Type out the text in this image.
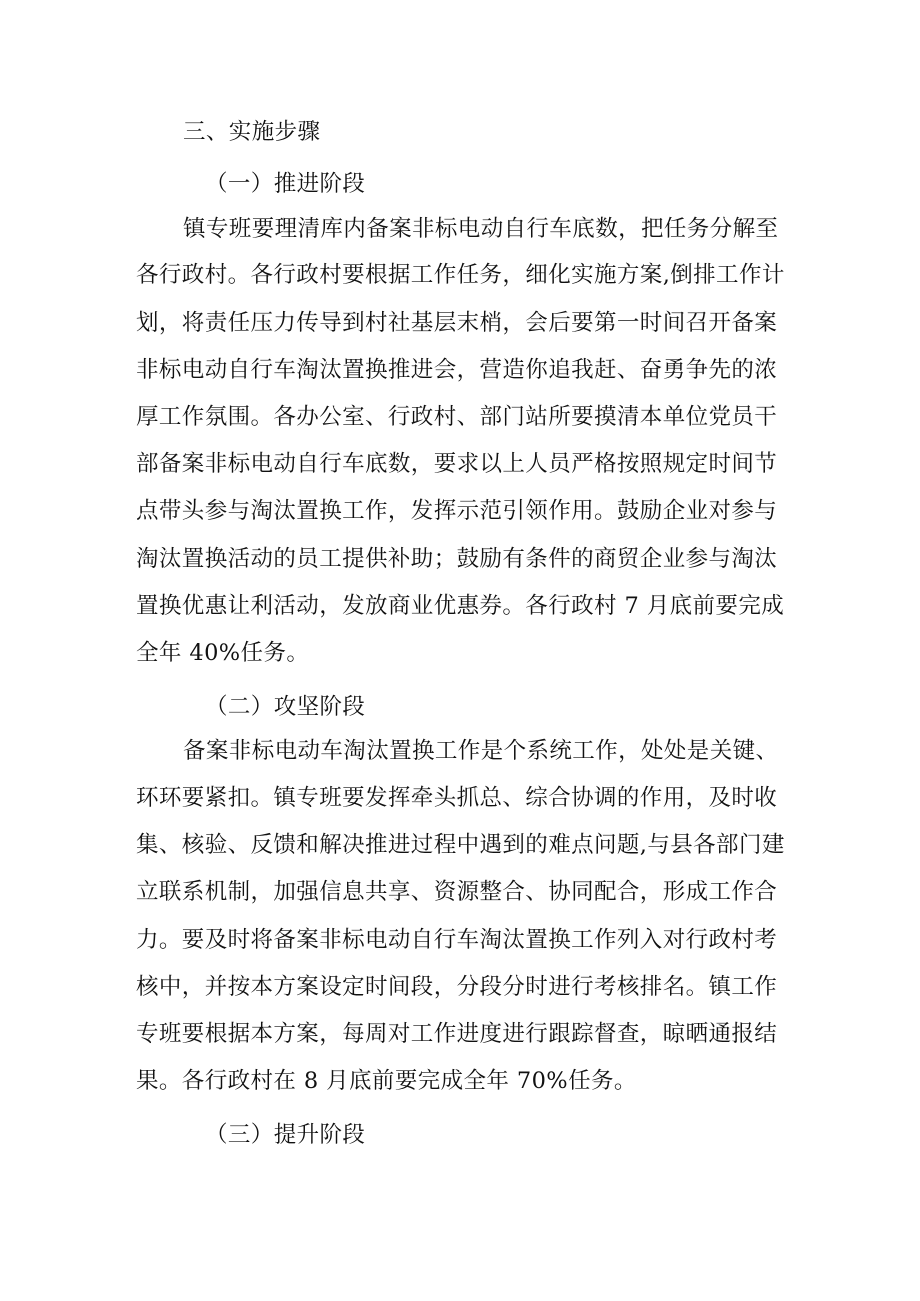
三、实施步骤
（一）推进阶段
镇专班要理清库内备案非标电动自行车底数，把任务分解至
各行政村。各行政村要根据工作任务，细化实施方案,倒排工作计
划，将责任压力传导到村社基层末梢，会后要第一时间召开备案
非标电动自行车淘汰置换推进会，营造你追我赶、奋勇争先的浓
厚工作氛围。各办公室、行政村、部门站所要摸清本单位党员干
部备案非标电动自行车底数，要求以上人员严格按照规定时间节
点带头参与淘汰置换工作，发挥示范引领作用。鼓励企业对参与
淘汰置换活动的员工提供补助；鼓励有条件的商贸企业参与淘汰
置换优惠让利活动，发放商业优惠券。各行政村 7 月底前要完成
全年 40%任务。
（二）攻坚阶段
备案非标电动车淘汰置换工作是个系统工作，处处是关键、
环环要紧扣。镇专班要发挥牵头抓总、综合协调的作用，及时收
集、核验、反馈和解决推进过程中遇到的难点问题,与县各部门建
立联系机制，加强信息共享、资源整合、协同配合，形成工作合
力。要及时将备案非标电动自行车淘汰置换工作列入对行政村考
核中，并按本方案设定时间段，分段分时进行考核排名。镇工作
专班要根据本方案，每周对工作进度进行跟踪督查，晾晒通报结
果。各行政村在 8 月底前要完成全年 70%任务。
（三）提升阶段
